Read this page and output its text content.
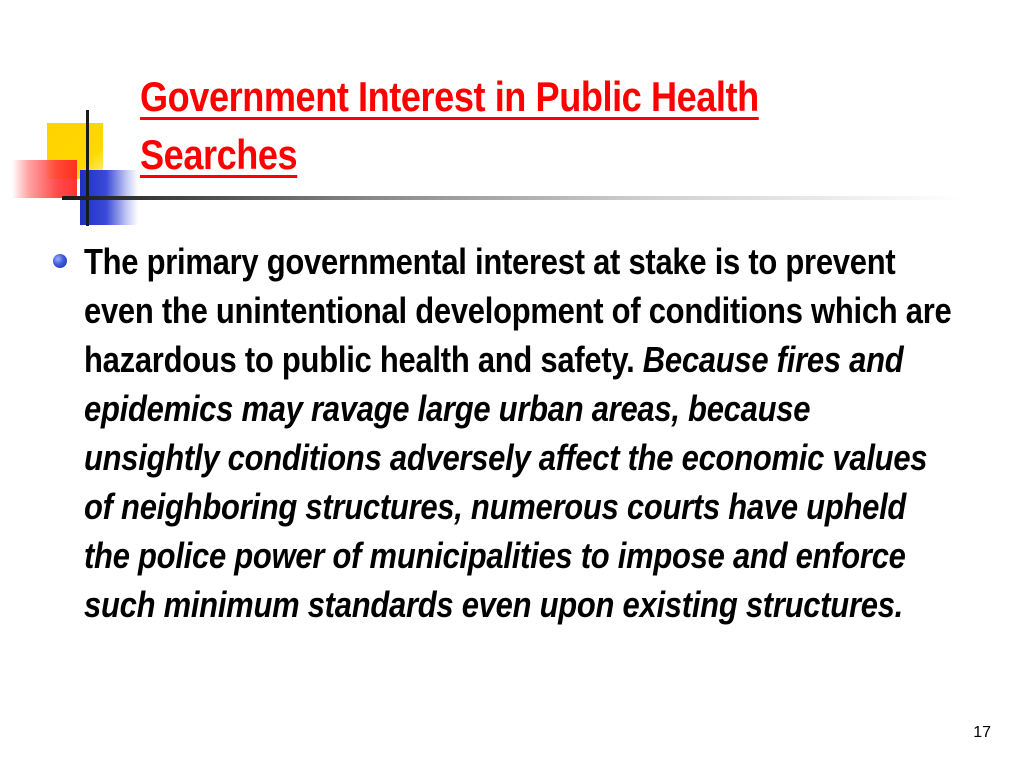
Government Interest in Public Health Searches

The primary governmental interest at stake is to prevent even the unintentional development of conditions which are hazardous to public health and safety. Because fires and epidemics may ravage large urban areas, because unsightly conditions adversely affect the economic values of neighboring structures, numerous courts have upheld the police power of municipalities to impose and enforce such minimum standards even upon existing structures.

17
